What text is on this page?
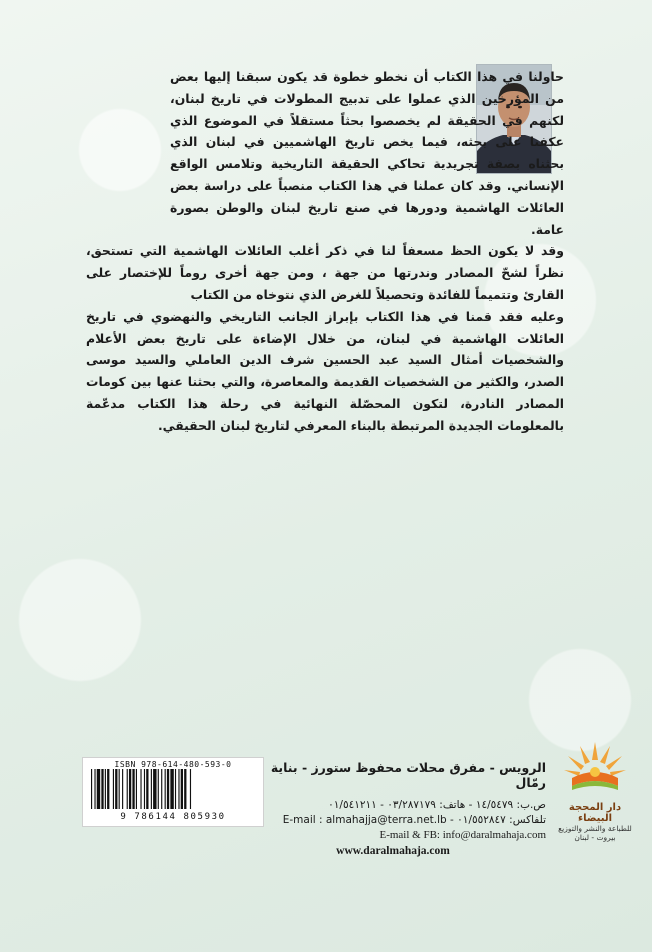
حاولنا في هذا الكتاب أن نخطو خطوة قد يكون سبقنا إليها بعض من المؤرخين الذي عملوا على تدبيج المطولات في تاريخ لبنان، لكنهم في الحقيقة لم يخصصوا بحثاً مستقلاً في الموضوع الذي عكفنا على بحثه، فيما يخص تاريخ الهاشميين في لبنان الذي بحثناه بصفة تجريدية تحاكي الحقيقة التاريخية وتلامس الواقع الإنساني. وقد كان عملنا في هذا الكتاب منصباً على دراسة بعض العائلات الهاشمية ودورها في صنع تاريخ لبنان والوطن بصورة عامة.

وقد لا يكون الحظ مسعفاً لنا في ذكر أغلب العائلات الهاشمية التي تستحق، نظراً لشحّ المصادر وندرتها من جهة ، ومن جهة أخرى روماً للإختصار على القارئ وتتميماً للفائدة وتحصيلاً للغرض الذي نتوخاه من الكتاب

وعليه فقد قمنا في هذا الكتاب بإبراز الجانب التاريخي والنهضوي في تاريخ العائلات الهاشمية في لبنان، من خلال الإضاءة على تاريخ بعض الأعلام والشخصيات أمثال السيد عبد الحسين شرف الدين العاملي والسيد موسى الصدر، والكثير من الشخصيات القديمة والمعاصرة، والتي بحثنا عنها بين كومات المصادر النادرة، لتكون المحصّلة النهائية في رحلة هذا الكتاب مدعّمة بالمعلومات الجديدة المرتبطة بالبناء المعرفي لتاريخ لبنان الحقيقي.

دار المحجة البيضاء
للطباعة والنشر والتوزيع
بيروت - لبنان
الرويس - مفرق محلات محفوظ ستورز - بناية رمّال
ص.ب: ١٤/٥٤٧٩ - هاتف: ٠٣/٢٨٧١٧٩ - ٠١/٥٤١٢١١
تلفاكس: ٠١/٥٥٢٨٤٧ - E-mail : almahajja@terra.net.lb
E-mail & FB: info@daralmahaja.com
www.daralmahaja.com
ISBN 978-614-480-593-0
9 786144 805930
